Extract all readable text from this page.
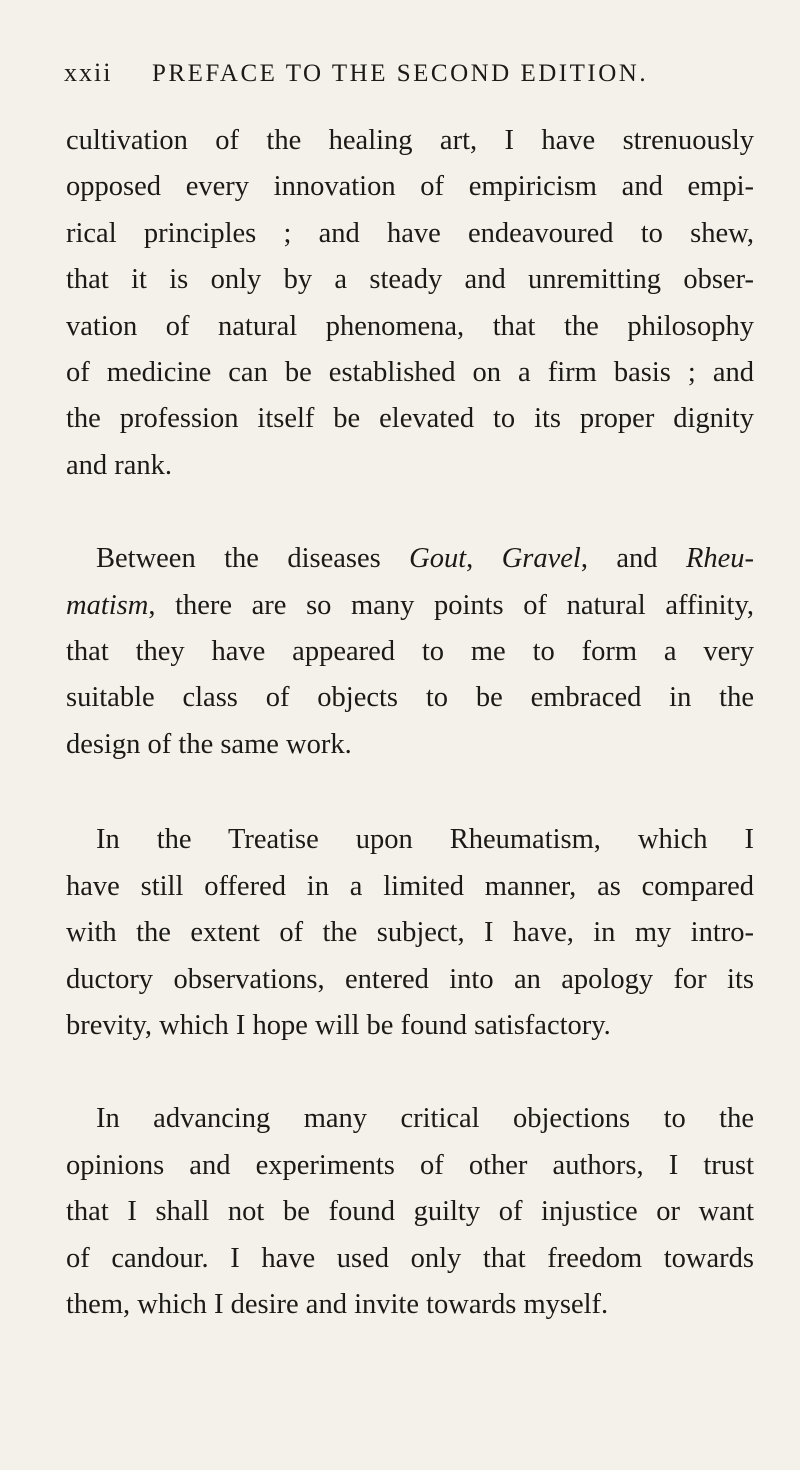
xxii PREFACE TO THE SECOND EDITION.
cultivation of the healing art, I have strenuously
opposed every innovation of empiricism and empi-
rical principles ; and have endeavoured to shew,
that it is only by a steady and unremitting obser-
vation of natural phenomena, that the philosophy
of medicine can be established on a firm basis ; and
the profession itself be elevated to its proper dignity
and rank.
Between the diseases Gout, Gravel, and Rheu-
matism, there are so many points of natural affinity,
that they have appeared to me to form a very
suitable class of objects to be embraced in the
design of the same work.
In the Treatise upon Rheumatism, which I
have still offered in a limited manner, as compared
with the extent of the subject, I have, in my intro-
ductory observations, entered into an apology for its
brevity, which I hope will be found satisfactory.
In advancing many critical objections to the
opinions and experiments of other authors, I trust
that I shall not be found guilty of injustice or want
of candour. I have used only that freedom towards
them, which I desire and invite towards myself.
